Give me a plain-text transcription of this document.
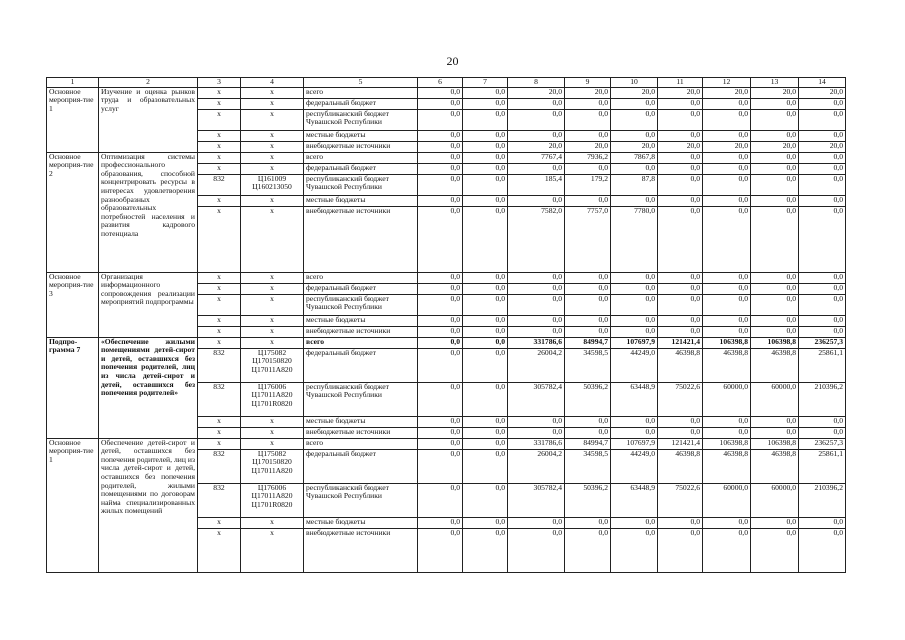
20
1	2	3	4	5	6	7	8	9	10	11	12	13	14
Основное мероприя-тие 1	Изучение и оценка рынков труда и образовательных услуг	x	x	всего	0,0	0,0	20,0	20,0	20,0	20,0	20,0	20,0	20,0
		x	x	федеральный бюджет	0,0	0,0	0,0	0,0	0,0	0,0	0,0	0,0	0,0
		x	x	республиканский бюджет Чувашской Республики	0,0	0,0	0,0	0,0	0,0	0,0	0,0	0,0	0,0
		x	x	местные бюджеты	0,0	0,0	0,0	0,0	0,0	0,0	0,0	0,0	0,0
		x	x	внебюджетные источники	0,0	0,0	20,0	20,0	20,0	20,0	20,0	20,0	20,0
Основное мероприя-тие 2	Оптимизация системы профессионального образования, способной концентрировать ресурсы в интересах удовлетворения разнообразных образовательных потребностей населения и развития кадрового потенциала	x	x	всего	0,0	0,0	7767,4	7936,2	7867,8	0,0	0,0	0,0	0,0
		x	x	федеральный бюджет	0,0	0,0	0,0	0,0	0,0	0,0	0,0	0,0	0,0
		832	Ц161009 Ц160213050	республиканский бюджет Чувашской Республики	0,0	0,0	185,4	179,2	87,8	0,0	0,0	0,0	0,0
		x	x	местные бюджеты	0,0	0,0	0,0	0,0	0,0	0,0	0,0	0,0	0,0
		x	x	внебюджетные источники	0,0	0,0	7582,0	7757,0	7780,0	0,0	0,0	0,0	0,0
Основное мероприя-тие 3	Организация информационного сопровождения реализации мероприятий подпрограммы	x	x	всего	0,0	0,0	0,0	0,0	0,0	0,0	0,0	0,0	0,0
		x	x	федеральный бюджет	0,0	0,0	0,0	0,0	0,0	0,0	0,0	0,0	0,0
		x	x	республиканский бюджет Чувашской Республики	0,0	0,0	0,0	0,0	0,0	0,0	0,0	0,0	0,0
		x	x	местные бюджеты	0,0	0,0	0,0	0,0	0,0	0,0	0,0	0,0	0,0
		x	x	внебюджетные источники	0,0	0,0	0,0	0,0	0,0	0,0	0,0	0,0	0,0
Подпро-грамма 7	«Обеспечение жилыми помещениями детей-сирот и детей, оставшихся без попечения родителей, лиц из числа детей-сирот и детей, оставшихся без попечения родителей»	x	x	всего	0,0	0,0	331786,6	84994,7	107697,9	121421,4	106398,8	106398,8	236257,3
		832	Ц175082 Ц170150820 Ц17011А820	федеральный бюджет	0,0	0,0	26004,2	34598,5	44249,0	46398,8	46398,8	46398,8	25861,1
		832	Ц176006 Ц17011А820 Ц1701R0820	республиканский бюджет Чувашской Республики	0,0	0,0	305782,4	50396,2	63448,9	75022,6	60000,0	60000,0	210396,2
		x	x	местные бюджеты	0,0	0,0	0,0	0,0	0,0	0,0	0,0	0,0	0,0
		x	x	внебюджетные источники	0,0	0,0	0,0	0,0	0,0	0,0	0,0	0,0	0,0
Основное мероприя-тие 1	Обеспечение детей-сирот и детей, оставшихся без попечения родителей, лиц из числа детей-сирот и детей, оставшихся без попечения родителей, жилыми помещениями по договорам найма специализированных жилых помещений	x	x	всего	0,0	0,0	331786,6	84994,7	107697,9	121421,4	106398,8	106398,8	236257,3
		832	Ц175082 Ц170150820 Ц17011А820	федеральный бюджет	0,0	0,0	26004,2	34598,5	44249,0	46398,8	46398,8	46398,8	25861,1
		832	Ц176006 Ц17011А820 Ц1701R0820	республиканский бюджет Чувашской Республики	0,0	0,0	305782,4	50396,2	63448,9	75022,6	60000,0	60000,0	210396,2
		x	x	местные бюджеты	0,0	0,0	0,0	0,0	0,0	0,0	0,0	0,0	0,0
		x	x	внебюджетные источники	0,0	0,0	0,0	0,0	0,0	0,0	0,0	0,0	0,0
